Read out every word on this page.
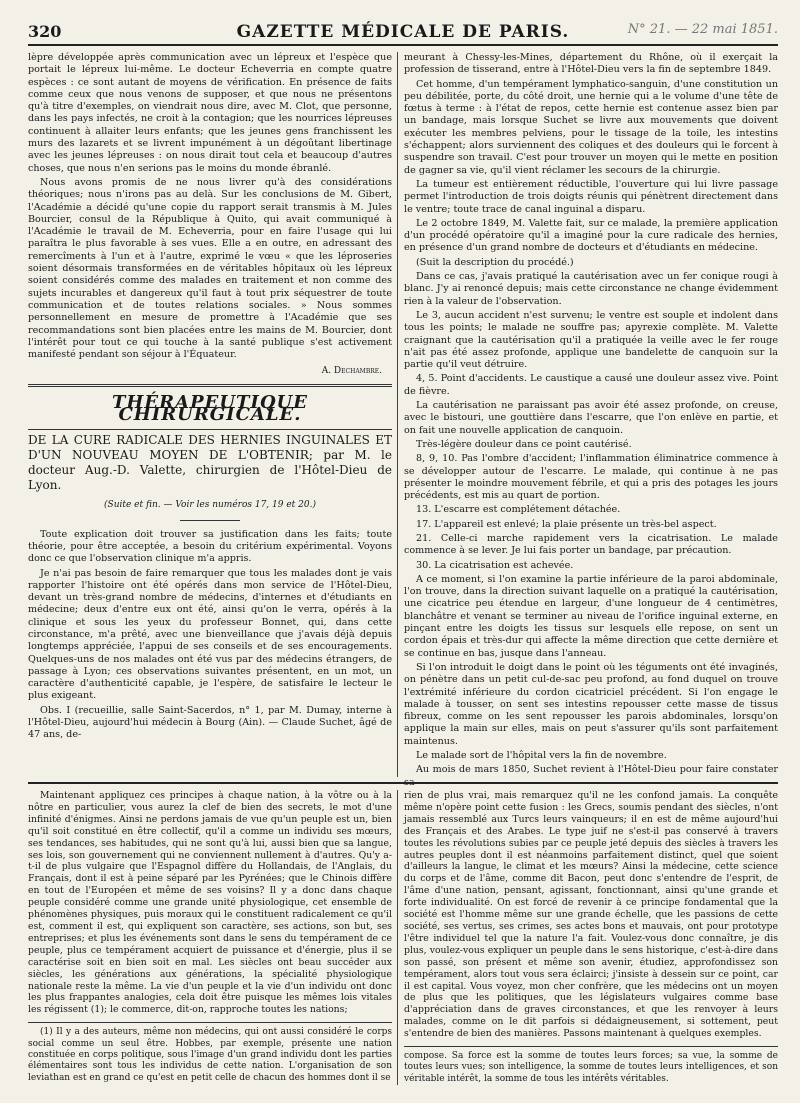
320	GAZETTE MÉDICALE DE PARIS.	N° 21. — 22 mai 1851.

lèpre développée après communication avec un lépreux et l'espèce que portait le lépreux lui-même. Le docteur Echeverria en compte quatre espèces : ce sont autant de moyens de vérification. En présence de faits comme ceux que nous venons de supposer, et que nous ne présentons qu'à titre d'exemples, on viendrait nous dire, avec M. Clot, que personne, dans les pays infectés, ne croit à la contagion; que les nourrices lépreuses continuent à allaiter leurs enfants; que les jeunes gens franchissent les murs des lazarets et se livrent impunément à un dégoûtant libertinage avec les jeunes lépreuses : on nous dirait tout cela et beaucoup d'autres choses, que nous n'en serions pas le moins du monde ébranlé.

Nous avons promis de ne nous livrer qu'à des considérations théoriques; nous n'irons pas au delà. Sur les conclusions de M. Gibert, l'Académie a décidé qu'une copie du rapport serait transmis à M. Jules Bourcier, consul de la République à Quito, qui avait communiqué à l'Académie le travail de M. Echeverria, pour en faire l'usage qui lui paraîtra le plus favorable à ses vues. Elle a en outre, en adressant des remercîments à l'un et à l'autre, exprimé le vœu « que les léproseries soient désormais transformées en de véritables hôpitaux où les lépreux soient considérés comme des malades en traitement et non comme des sujets incurables et dangereux qu'il faut à tout prix séquestrer de toute communication et de toutes relations sociales. » Nous sommes personnellement en mesure de promettre à l'Académie que ses recommandations sont bien placées entre les mains de M. Bourcier, dont l'intérêt pour tout ce qui touche à la santé publique s'est activement manifesté pendant son séjour à l'Équateur.

A. Dechambre.

THÉRAPEUTIQUE CHIRURGICALE.

DE LA CURE RADICALE DES HERNIES INGUINALES ET D'UN NOUVEAU MOYEN DE L'OBTENIR; par M. le docteur Aug.-D. Valette, chirurgien de l'Hôtel-Dieu de Lyon.

(Suite et fin. — Voir les numéros 17, 19 et 20.)

Toute explication doit trouver sa justification dans les faits; toute théorie, pour être acceptée, a besoin du critérium expérimental. Voyons donc ce que l'observation clinique m'a appris.

Je n'ai pas besoin de faire remarquer que tous les malades dont je vais rapporter l'histoire ont été opérés dans mon service de l'Hôtel-Dieu, devant un très-grand nombre de médecins, d'internes et d'étudiants en médecine; deux d'entre eux ont été, ainsi qu'on le verra, opérés à la clinique et sous les yeux du professeur Bonnet, qui, dans cette circonstance, m'a prêté, avec une bienveillance que j'avais déjà depuis longtemps appréciée, l'appui de ses conseils et de ses encouragements. Quelques-uns de nos malades ont été vus par des médecins étrangers, de passage à Lyon; ces observations suivantes présentent, en un mot, un caractère d'authenticité capable, je l'espère, de satisfaire le lecteur le plus exigeant.

Obs. I (recueillie, salle Saint-Sacerdos, n° 1, par M. Dumay, interne à l'Hôtel-Dieu, aujourd'hui médecin à Bourg (Ain). — Claude Suchet, âgé de 47 ans, de-

meurant à Chessy-les-Mines, département du Rhône, où il exerçait la profession de tisserand, entre à l'Hôtel-Dieu vers la fin de septembre 1849.

Cet homme, d'un tempérament lymphatico-sanguin, d'une constitution un peu débilitée, porte, du côté droit, une hernie qui a le volume d'une tête de fœtus à terme : à l'état de repos, cette hernie est contenue assez bien par un bandage, mais lorsque Suchet se livre aux mouvements que doivent exécuter les membres pelviens, pour le tissage de la toile, les intestins s'échappent; alors surviennent des coliques et des douleurs qui le forcent à suspendre son travail. C'est pour trouver un moyen qui le mette en position de gagner sa vie, qu'il vient réclamer les secours de la chirurgie.

La tumeur est entièrement réductible, l'ouverture qui lui livre passage permet l'introduction de trois doigts réunis qui pénètrent directement dans le ventre; toute trace de canal inguinal a disparu.

Le 2 octobre 1849, M. Valette fait, sur ce malade, la première application d'un procédé opératoire qu'il a imaginé pour la cure radicale des hernies, en présence d'un grand nombre de docteurs et d'étudiants en médecine.

(Suit la description du procédé.)

Dans ce cas, j'avais pratiqué la cautérisation avec un fer conique rougi à blanc. J'y ai renoncé depuis; mais cette circonstance ne change évidemment rien à la valeur de l'observation.

Le 3, aucun accident n'est survenu; le ventre est souple et indolent dans tous les points; le malade ne souffre pas; apyrexie complète. M. Valette craignant que la cautérisation qu'il a pratiquée la veille avec le fer rouge n'ait pas été assez profonde, applique une bandelette de canquoin sur la partie qu'il veut détruire.

4, 5. Point d'accidents. Le caustique a causé une douleur assez vive. Point de fièvre.

La cautérisation ne paraissant pas avoir été assez profonde, on creuse, avec le bistouri, une gouttière dans l'escarre, que l'on enlève en partie, et on fait une nouvelle application de canquoin.

Très-légère douleur dans ce point cautérisé.

8, 9, 10. Pas l'ombre d'accident; l'inflammation éliminatrice commence à se développer autour de l'escarre. Le malade, qui continue à ne pas présenter le moindre mouvement fébrile, et qui a pris des potages les jours précédents, est mis au quart de portion.

13. L'escarre est complétement détachée.

17. L'appareil est enlevé; la plaie présente un très-bel aspect.

21. Celle-ci marche rapidement vers la cicatrisation. Le malade commence à se lever. Je lui fais porter un bandage, par précaution.

30. La cicatrisation est achevée.

A ce moment, si l'on examine la partie inférieure de la paroi abdominale, l'on trouve, dans la direction suivant laquelle on a pratiqué la cautérisation, une cicatrice peu étendue en largeur, d'une longueur de 4 centimètres, blanchâtre et venant se terminer au niveau de l'orifice inguinal externe, en pinçant entre les doigts les tissus sur lesquels elle repose, on sent un cordon épais et très-dur qui affecte la même direction que cette dernière et se continue en bas, jusque dans l'anneau.

Si l'on introduit le doigt dans le point où les téguments ont été invaginés, on pénètre dans un petit cul-de-sac peu profond, au fond duquel on trouve l'extrémité inférieure du cordon cicatriciel précédent. Si l'on engage le malade à tousser, on sent ses intestins repousser cette masse de tissus fibreux, comme on les sent repousser les parois abdominales, lorsqu'on applique la main sur elles, mais on peut s'assurer qu'ils sont parfaitement maintenus.

Le malade sort de l'hôpital vers la fin de novembre.

Au mois de mars 1850, Suchet revient à l'Hôtel-Dieu pour faire constater sa

Maintenant appliquez ces principes à chaque nation, à la vôtre ou à la nôtre en particulier, vous aurez la clef de bien des secrets, le mot d'une infinité d'énigmes. Ainsi ne perdons jamais de vue qu'un peuple est un, bien qu'il soit constitué en être collectif, qu'il a comme un individu ses mœurs, ses tendances, ses habitudes, qui ne sont qu'à lui, aussi bien que sa langue, ses lois, son gouvernement qui ne conviennent nullement à d'autres. Qu'y a-t-il de plus vulgaire que l'Espagnol diffère du Hollandais, de l'Anglais, du Français, dont il est à peine séparé par les Pyrénées; que le Chinois diffère en tout de l'Européen et même de ses voisins? Il y a donc dans chaque peuple considéré comme une grande unité physiologique, cet ensemble de phénomènes physiques, puis moraux qui le constituent radicalement ce qu'il est, comment il est, qui expliquent son caractère, ses actions, son but, ses entreprises; et plus les événements sont dans le sens du tempérament de ce peuple, plus ce tempérament acquiert de puissance et d'énergie, plus il se caractérise soit en bien soit en mal. Les siècles ont beau succéder aux siècles, les générations aux générations, la spécialité physiologique nationale reste la même. La vie d'un peuple et la vie d'un individu ont donc les plus frappantes analogies, cela doit être puisque les mêmes lois vitales les régissent (1); le commerce, dit-on, rapproche toutes les nations;

(1) Il y a des auteurs, même non médecins, qui ont aussi considéré le corps social comme un seul être. Hobbes, par exemple, présente une nation constituée en corps politique, sous l'image d'un grand individu dont les parties élémentaires sont tous les individus de cette nation. L'organisation de son leviathan est en grand ce qu'est en petit celle de chacun des hommes dont il se

rien de plus vrai, mais remarquez qu'il ne les confond jamais. La conquête même n'opère point cette fusion : les Grecs, soumis pendant des siècles, n'ont jamais ressemblé aux Turcs leurs vainqueurs; il en est de même aujourd'hui des Français et des Arabes. Le type juif ne s'est-il pas conservé à travers toutes les révolutions subies par ce peuple jeté depuis des siècles à travers les autres peuples dont il est néanmoins parfaitement distinct, quel que soient d'ailleurs la langue, le climat et les mœurs? Ainsi la médecine, cette science du corps et de l'âme, comme dit Bacon, peut donc s'entendre de l'esprit, de l'âme d'une nation, pensant, agissant, fonctionnant, ainsi qu'une grande et forte individualité. On est forcé de revenir à ce principe fondamental que la société est l'homme même sur une grande échelle, que les passions de cette société, ses vertus, ses crimes, ses actes bons et mauvais, ont pour prototype l'être individuel tel que la nature l'a fait. Voulez-vous donc connaître, je dis plus, voulez-vous expliquer un peuple dans le sens historique, c'est-à-dire dans son passé, son présent et même son avenir, étudiez, approfondissez son tempérament, alors tout vous sera éclairci; j'insiste à dessein sur ce point, car il est capital. Vous voyez, mon cher confrère, que les médecins ont un moyen de plus que les politiques, que les législateurs vulgaires comme base d'appréciation dans de graves circonstances, et que les renvoyer à leurs malades, comme on le dit parfois si dédaigneusement, si sottement, peut s'entendre de bien des manières. Passons maintenant à quelques exemples.

compose. Sa force est la somme de toutes leurs forces; sa vue, la somme de toutes leurs vues; son intelligence, la somme de toutes leurs intelligences, et son véritable intérêt, la somme de tous les intérêts véritables.
